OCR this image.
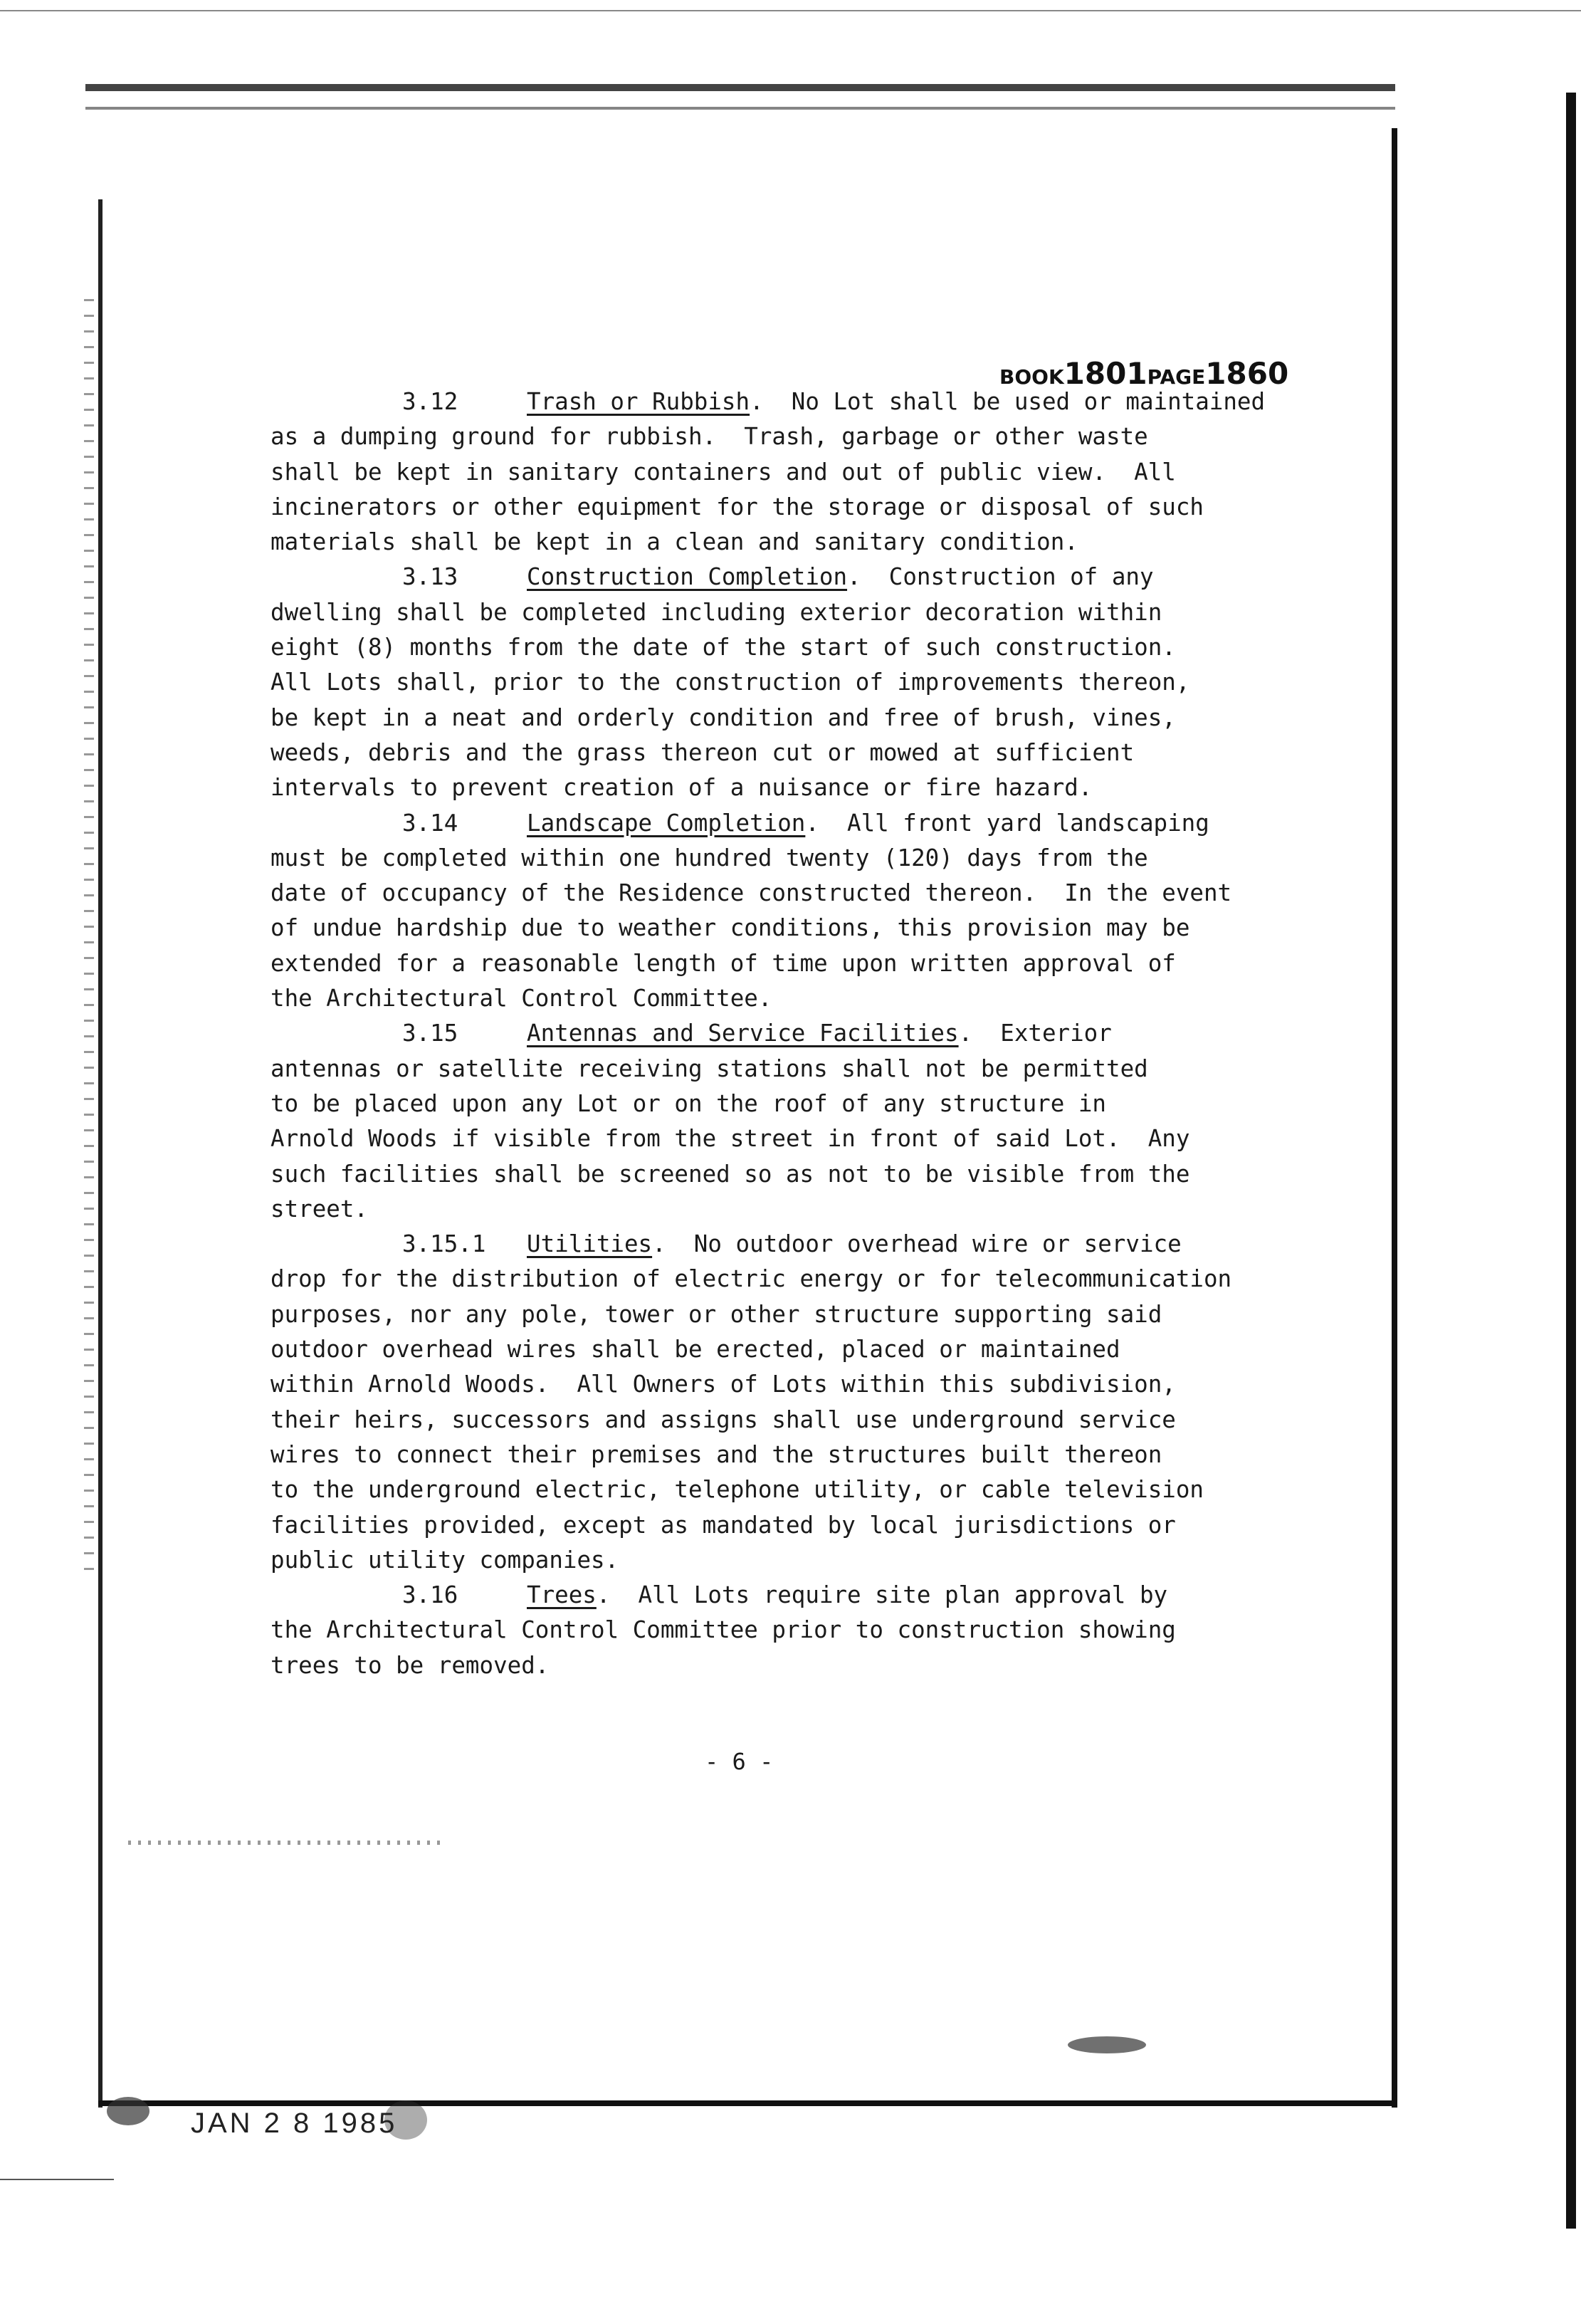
BOOK1801PAGE1860
3.12	Trash or Rubbish.  No Lot shall be used or maintained
as a dumping ground for rubbish.  Trash, garbage or other waste
shall be kept in sanitary containers and out of public view.  All
incinerators or other equipment for the storage or disposal of such
materials shall be kept in a clean and sanitary condition.
3.13	Construction Completion.  Construction of any
dwelling shall be completed including exterior decoration within
eight (8) months from the date of the start of such construction.
All Lots shall, prior to the construction of improvements thereon,
be kept in a neat and orderly condition and free of brush, vines,
weeds, debris and the grass thereon cut or mowed at sufficient
intervals to prevent creation of a nuisance or fire hazard.
3.14	Landscape Completion.  All front yard landscaping
must be completed within one hundred twenty (120) days from the
date of occupancy of the Residence constructed thereon.  In the event
of undue hardship due to weather conditions, this provision may be
extended for a reasonable length of time upon written approval of
the Architectural Control Committee.
3.15	Antennas and Service Facilities.  Exterior
antennas or satellite receiving stations shall not be permitted
to be placed upon any Lot or on the roof of any structure in
Arnold Woods if visible from the street in front of said Lot.  Any
such facilities shall be screened so as not to be visible from the
street.
3.15.1 Utilities.  No outdoor overhead wire or service
drop for the distribution of electric energy or for telecommunication
purposes, nor any pole, tower or other structure supporting said
outdoor overhead wires shall be erected, placed or maintained
within Arnold Woods.  All Owners of Lots within this subdivision,
their heirs, successors and assigns shall use underground service
wires to connect their premises and the structures built thereon
to the underground electric, telephone utility, or cable television
facilities provided, except as mandated by local jurisdictions or
public utility companies.
3.16	Trees.  All Lots require site plan approval by
the Architectural Control Committee prior to construction showing
trees to be removed.
- 6 -
JAN 2 8 1985
